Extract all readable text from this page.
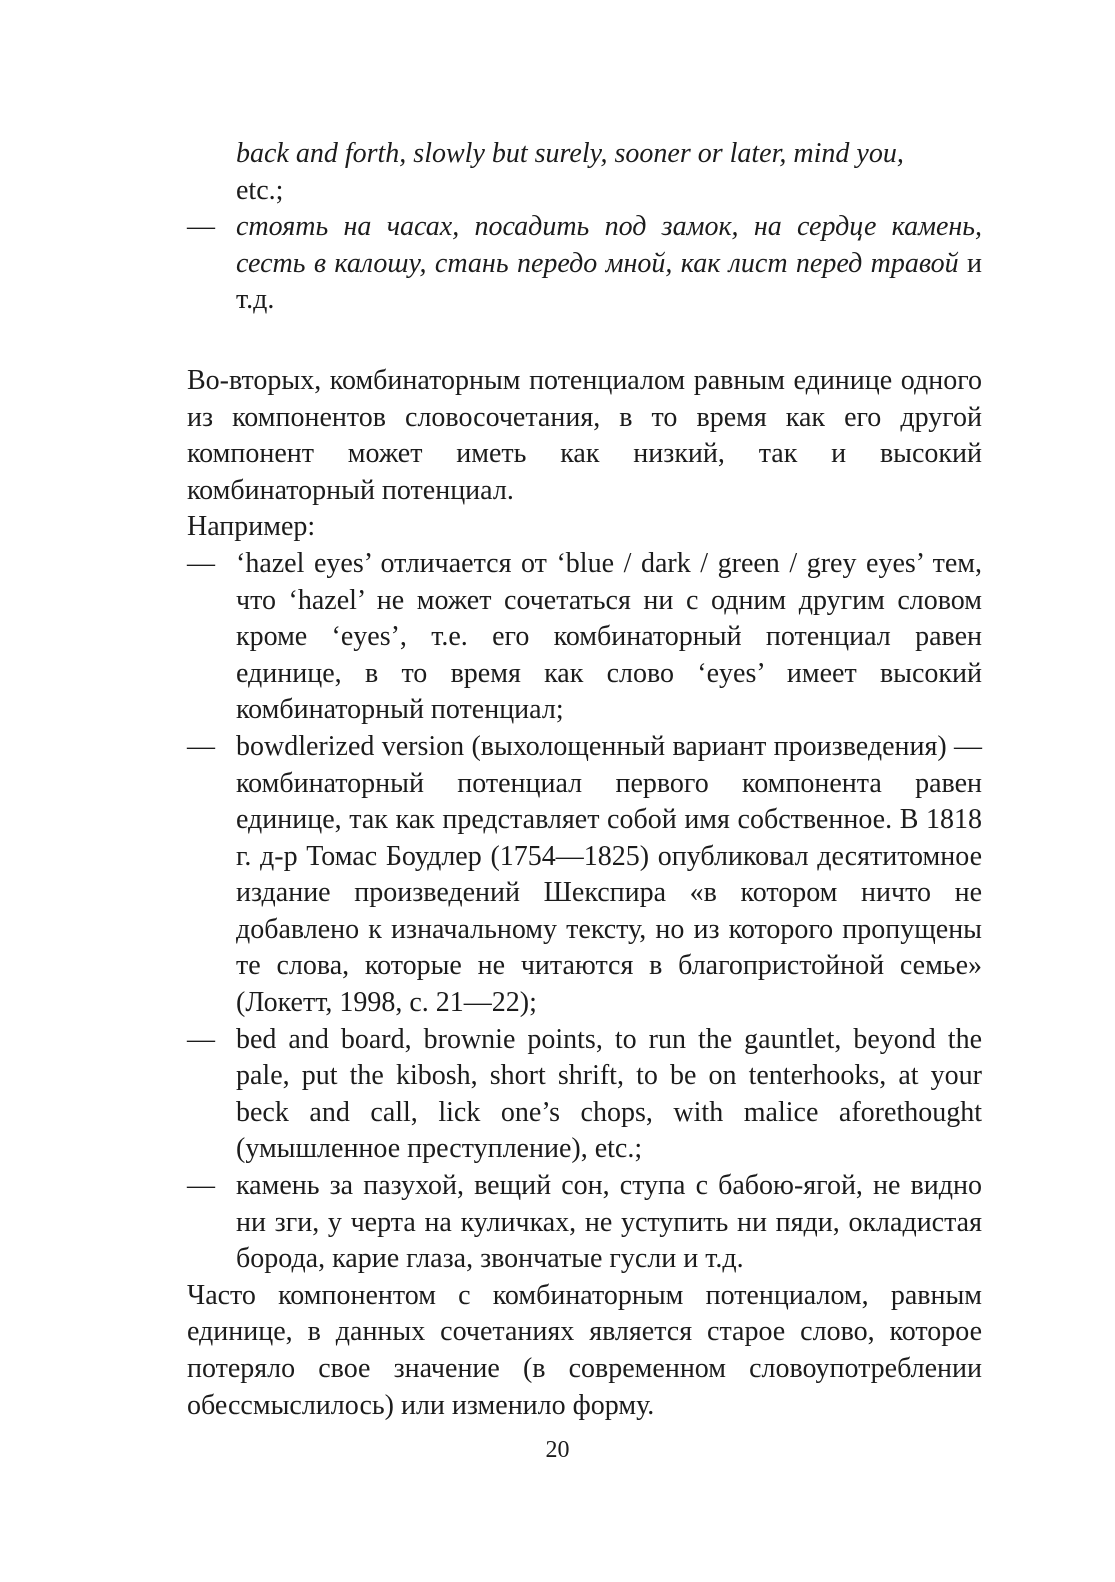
back and forth, slowly but surely, sooner or later, mind you,
etc.;

— стоять на часах, посадить под замок, на сердце камень, сесть в калошу, стань передо мной, как лист перед травой и т.д.

Во-вторых, комбинаторным потенциалом равным единице одного из компонентов словосочетания, в то время как его другой компонент может иметь как низкий, так и высокий комбинаторный потенциал.

Например:

— ‘hazel eyes’ отличается от ‘blue / dark / green / grey eyes’ тем, что ‘hazel’ не может сочетаться ни с одним другим словом кроме ‘eyes’, т.е. его комбинаторный потенциал равен единице, в то время как слово ‘eyes’ имеет высокий комбинаторный потенциал;

— bowdlerized version (выхолощенный вариант произведения) — комбинаторный потенциал первого компонента равен единице, так как представляет собой имя собственное. В 1818 г. д-р Томас Боудлер (1754—1825) опубликовал десятитомное издание произведений Шекспира «в котором ничто не добавлено к изначальному тексту, но из которого пропущены те слова, которые не читаются в благопристойной семье» (Локетт, 1998, с. 21—22);

— bed and board, brownie points, to run the gauntlet, beyond the pale, put the kibosh, short shrift, to be on tenterhooks, at your beck and call, lick one’s chops, with malice aforethought (умышленное преступление), etc.;

— камень за пазухой, вещий сон, ступа с бабою-ягой, не видно ни зги, у черта на куличках, не уступить ни пяди, окладистая борода, карие глаза, звончатые гусли и т.д.

Часто компонентом с комбинаторным потенциалом, равным единице, в данных сочетаниях является старое слово, которое потеряло свое значение (в современном словоупотреблении обессмыслилось) или изменило форму.

20
